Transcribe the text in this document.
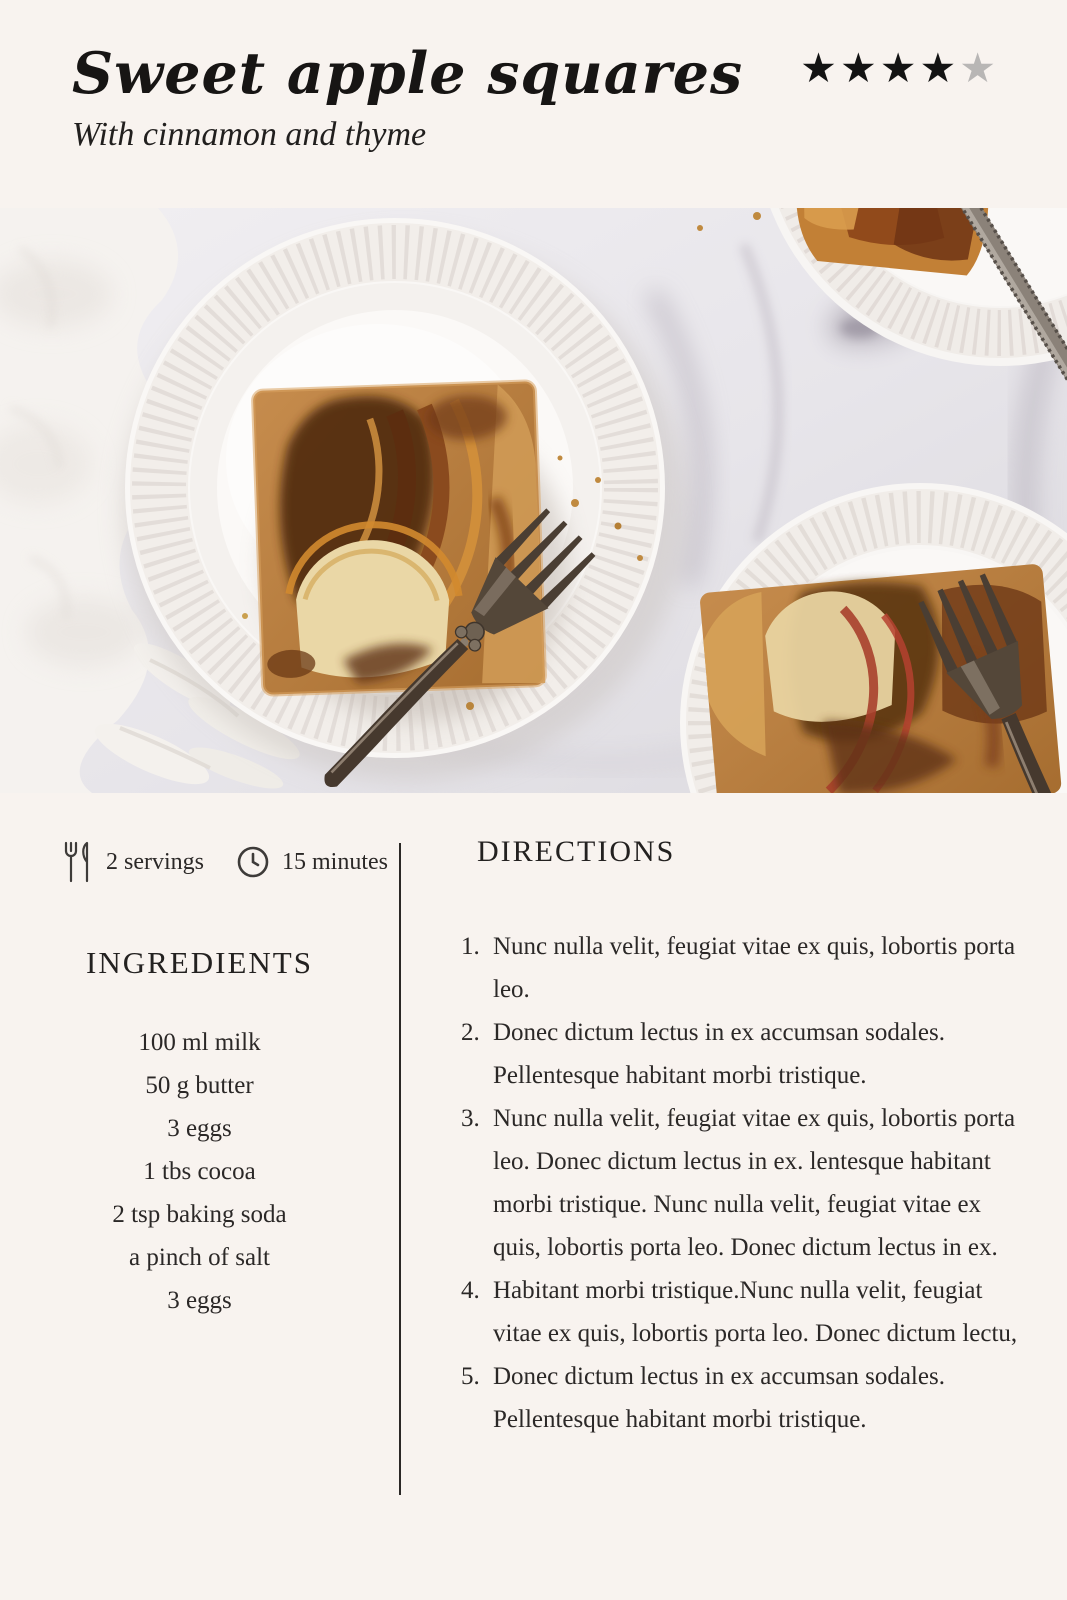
Sweet apple squares
With cinnamon and thyme
★★★★★
2 servings	15 minutes
INGREDIENTS
100 ml milk
50 g butter
3 eggs
1 tbs cocoa
2 tsp baking soda
a pinch of salt
3 eggs
DIRECTIONS
Nunc nulla velit, feugiat vitae ex quis, lobortis porta leo.
Donec dictum lectus in ex accumsan sodales. Pellentesque habitant morbi tristique.
Nunc nulla velit, feugiat vitae ex quis, lobortis porta leo. Donec dictum lectus in ex. lentesque habitant morbi tristique. Nunc nulla velit, feugiat vitae ex quis, lobortis porta leo. Donec dictum lectus in ex.
Habitant morbi tristique.Nunc nulla velit, feugiat vitae ex quis, lobortis porta leo. Donec dictum lectu,
Donec dictum lectus in ex accumsan sodales. Pellentesque habitant morbi tristique.
